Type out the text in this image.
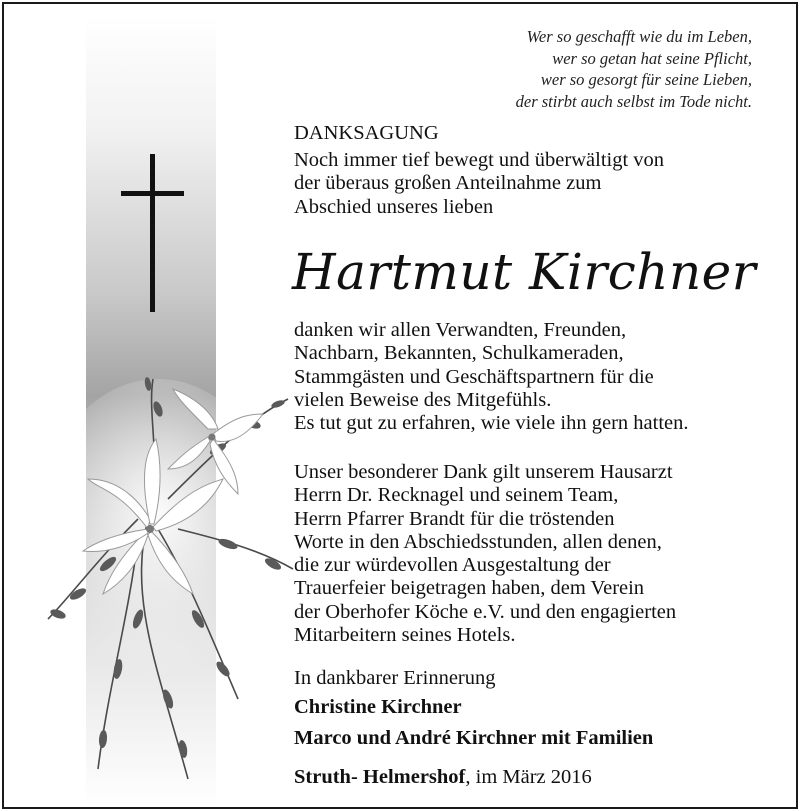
Wer so geschafft wie du im Leben,
wer so getan hat seine Pflicht,
wer so gesorgt für seine Lieben,
der stirbt auch selbst im Tode nicht.
DANKSAGUNG
Noch immer tief bewegt und überwältigt von
der überaus großen Anteilnahme zum
Abschied unseres lieben
Hartmut Kirchner
danken wir allen Verwandten, Freunden,
Nachbarn, Bekannten, Schulkameraden,
Stammgästen und Geschäftspartnern für die
vielen Beweise des Mitgefühls.
Es tut gut zu erfahren, wie viele ihn gern hatten.
Unser besonderer Dank gilt unserem Hausarzt
Herrn Dr. Recknagel und seinem Team,
Herrn Pfarrer Brandt für die tröstenden
Worte in den Abschiedsstunden, allen denen,
die zur würdevollen Ausgestaltung der
Trauerfeier beigetragen haben, dem Verein
der Oberhofer Köche e.V. und den engagierten
Mitarbeitern seines Hotels.
In dankbarer Erinnerung
Christine Kirchner
Marco und André Kirchner mit Familien
Struth- Helmershof, im März 2016
